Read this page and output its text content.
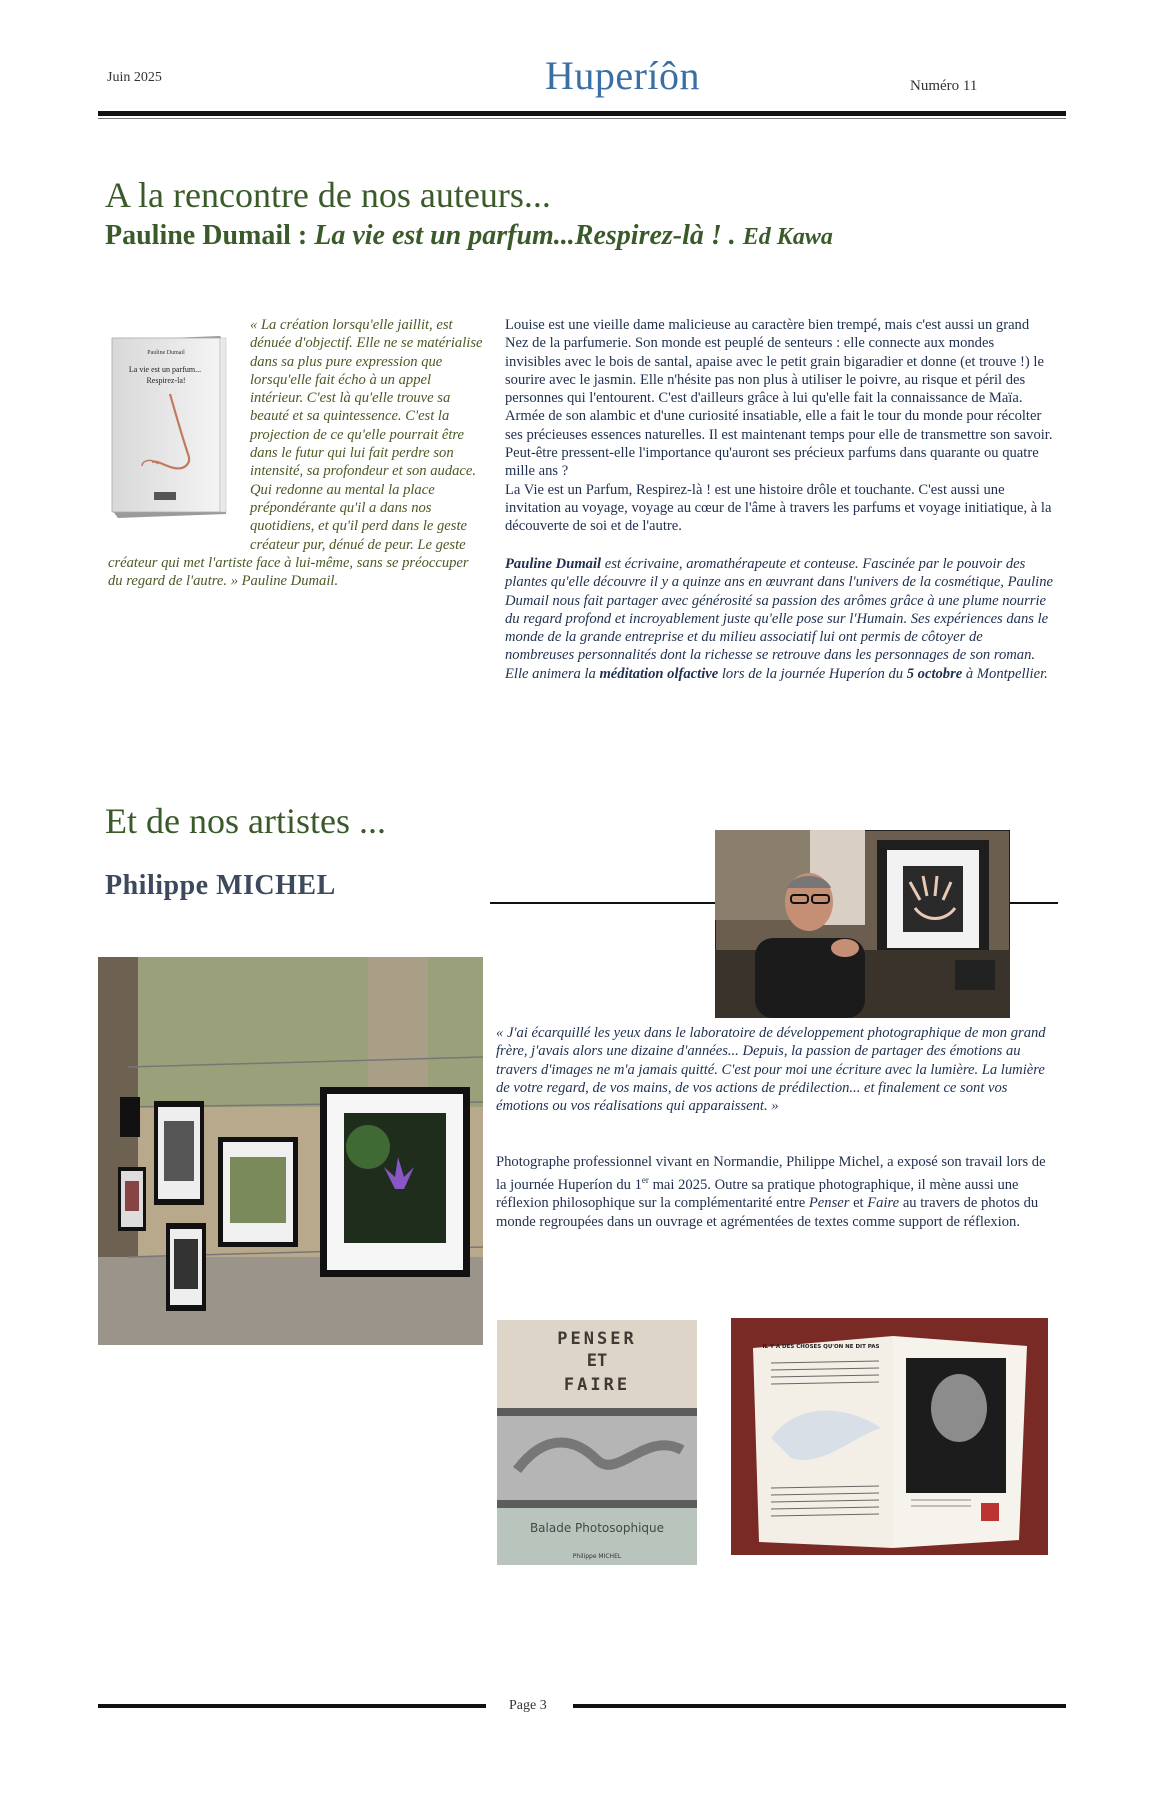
Juin 2025	Huperíôn	Numéro 11
A la rencontre de nos auteurs...
Pauline Dumail : La vie est un parfum...Respirez-là ! . Ed Kawa
Pauline Dumail
La vie est un parfum... Respirez-la!
« La création lorsqu'elle jaillit, est dénuée d'objectif. Elle ne se matérialise dans sa plus pure expression que lorsqu'elle fait écho à un appel intérieur. C'est là qu'elle trouve sa beauté et sa quintessence. C'est la projection de ce qu'elle pourrait être dans le futur qui lui fait perdre son intensité, sa profondeur et son audace. Qui redonne au mental la place prépondérante qu'il a dans nos quotidiens, et qu'il perd dans le geste créateur pur, dénué de peur. Le geste créateur qui met l'artiste face à lui-même, sans se préoccuper du regard de l'autre. » Pauline Dumail.

Louise est une vieille dame malicieuse au caractère bien trempé, mais c'est aussi un grand Nez de la parfumerie. Son monde est peuplé de senteurs : elle connecte aux mondes invisibles avec le bois de santal, apaise avec le petit grain bigaradier et donne (et trouve !) le sourire avec le jasmin. Elle n'hésite pas non plus à utiliser le poivre, au risque et péril des personnes qui l'entourent. C'est d'ailleurs grâce à lui qu'elle fait la connaissance de Maïa. Armée de son alambic et d'une curiosité insatiable, elle a fait le tour du monde pour récolter ses précieuses essences naturelles. Il est maintenant temps pour elle de transmettre son savoir. Peut-être pressent-elle l'importance qu'auront ses précieux parfums dans quarante ou quatre mille ans ?

La Vie est un Parfum, Respirez-là ! est une histoire drôle et touchante. C'est aussi une invitation au voyage, voyage au cœur de l'âme à travers les parfums et voyage initiatique, à la découverte de soi et de l'autre.

Pauline Dumail est écrivaine, aromathérapeute et conteuse. Fascinée par le pouvoir des plantes qu'elle découvre il y a quinze ans en œuvrant dans l'univers de la cosmétique, Pauline Dumail nous fait partager avec générosité sa passion des arômes grâce à une plume nourrie du regard profond et incroyablement juste qu'elle pose sur l'Humain. Ses expériences dans le monde de la grande entreprise et du milieu associatif lui ont permis de côtoyer de nombreuses personnalités dont la richesse se retrouve dans les personnages de son roman. Elle animera la méditation olfactive lors de la journée Huperíon du 5 octobre à Montpellier.
Et de nos artistes ...
Philippe MICHEL
« J'ai écarquillé les yeux dans le laboratoire de développement photographique de mon grand frère, j'avais alors une dizaine d'années... Depuis, la passion de partager des émotions au travers d'images ne m'a jamais quitté. C'est pour moi une écriture avec la lumière. La lumière de votre regard, de vos mains, de vos actions de prédilection... et finalement ce sont vos émotions ou vos réalisations qui apparaissent. »
Photographe professionnel vivant en Normandie, Philippe Michel, a exposé son travail lors de la journée Huperíon du 1er mai 2025. Outre sa pratique photographique, il mène aussi une réflexion philosophique sur la complémentarité entre Penser et Faire au travers de photos du monde regroupées dans un ouvrage et agrémentées de textes comme support de réflexion.
PENSER
ET
FAIRE
Balade Photosophique
Philippe MICHEL
IL Y A DES CHOSES QU'ON NE DIT PAS
Page 3
